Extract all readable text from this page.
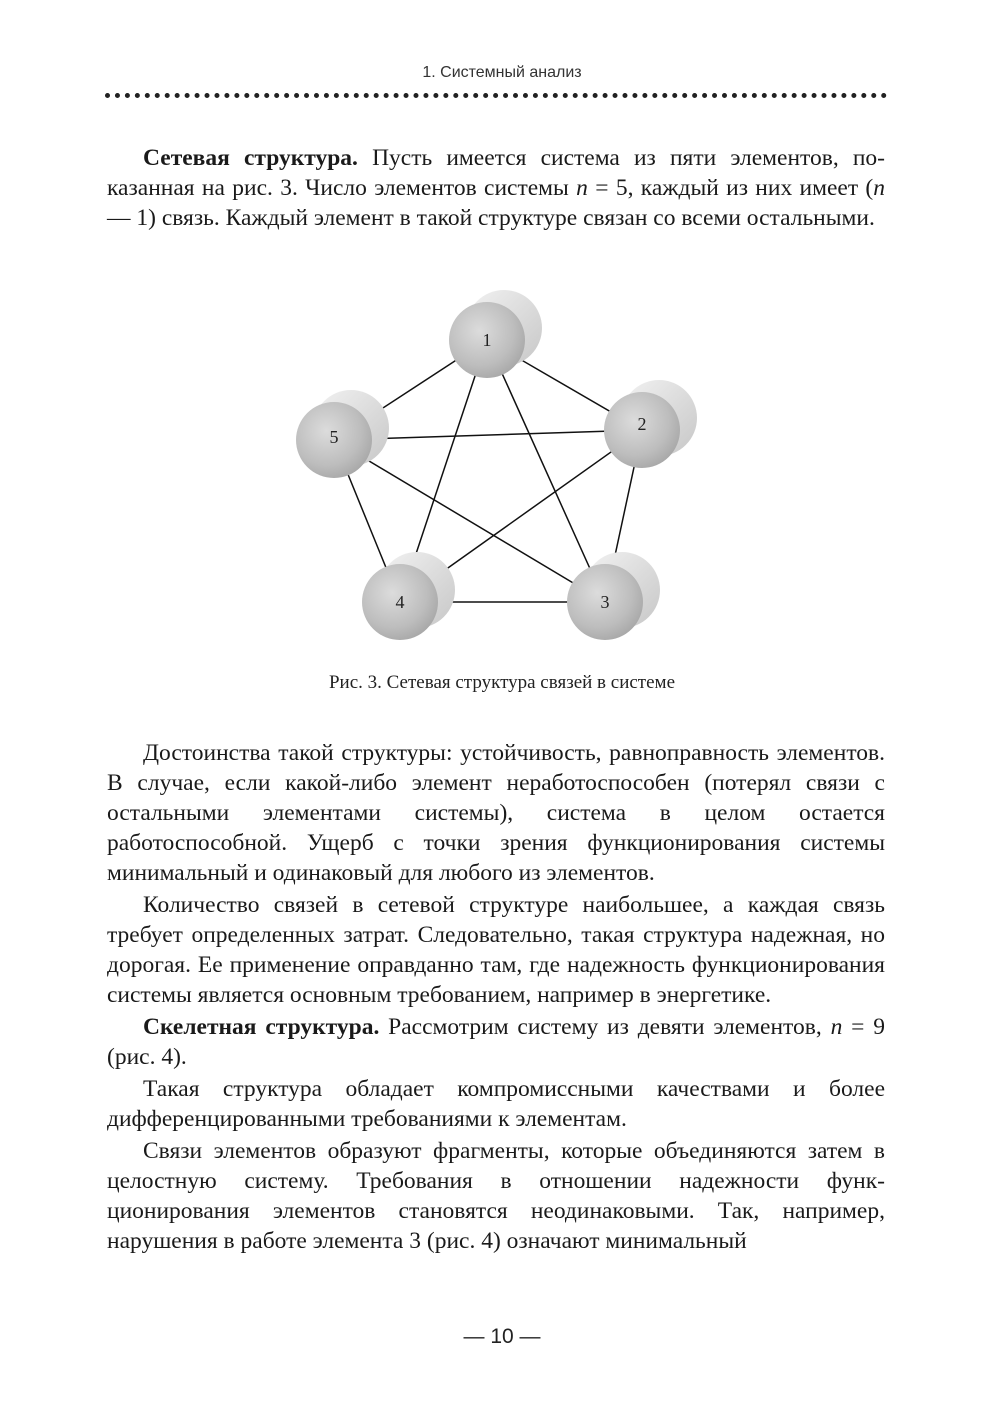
1. Системный анализ

Сетевая структура. Пусть имеется система из пяти элементов, показанная на рис. 3. Число элементов системы n = 5, каждый из них имеет (n — 1) связь. Каждый элемент в такой структуре связан со всеми остальными.

1
2
3
4
5
Рис. 3. Сетевая структура связей в системе

Достоинства такой структуры: устойчивость, равноправность элементов. В случае, если какой-либо элемент неработоспособен (потерял связи с остальными элементами системы), система в целом остается работоспособной. Ущерб с точки зрения функционирования системы минимальный и одинаковый для любого из элементов.

Количество связей в сетевой структуре наибольшее, а каждая связь требует определенных затрат. Следовательно, такая структура надежная, но дорогая. Ее применение оправданно там, где надежность функционирования системы является основным требованием, например в энергетике.

Скелетная структура. Рассмотрим систему из девяти элементов, n = 9 (рис. 4).

Такая структура обладает компромиссными качествами и более дифференцированными требованиями к элементам.

Связи элементов образуют фрагменты, которые объединяются затем в целостную систему. Требования в отношении надежности функционирования элементов становятся неодинаковыми. Так, например, нарушения в работе элемента 3 (рис. 4) означают минимальный

— 10 —
